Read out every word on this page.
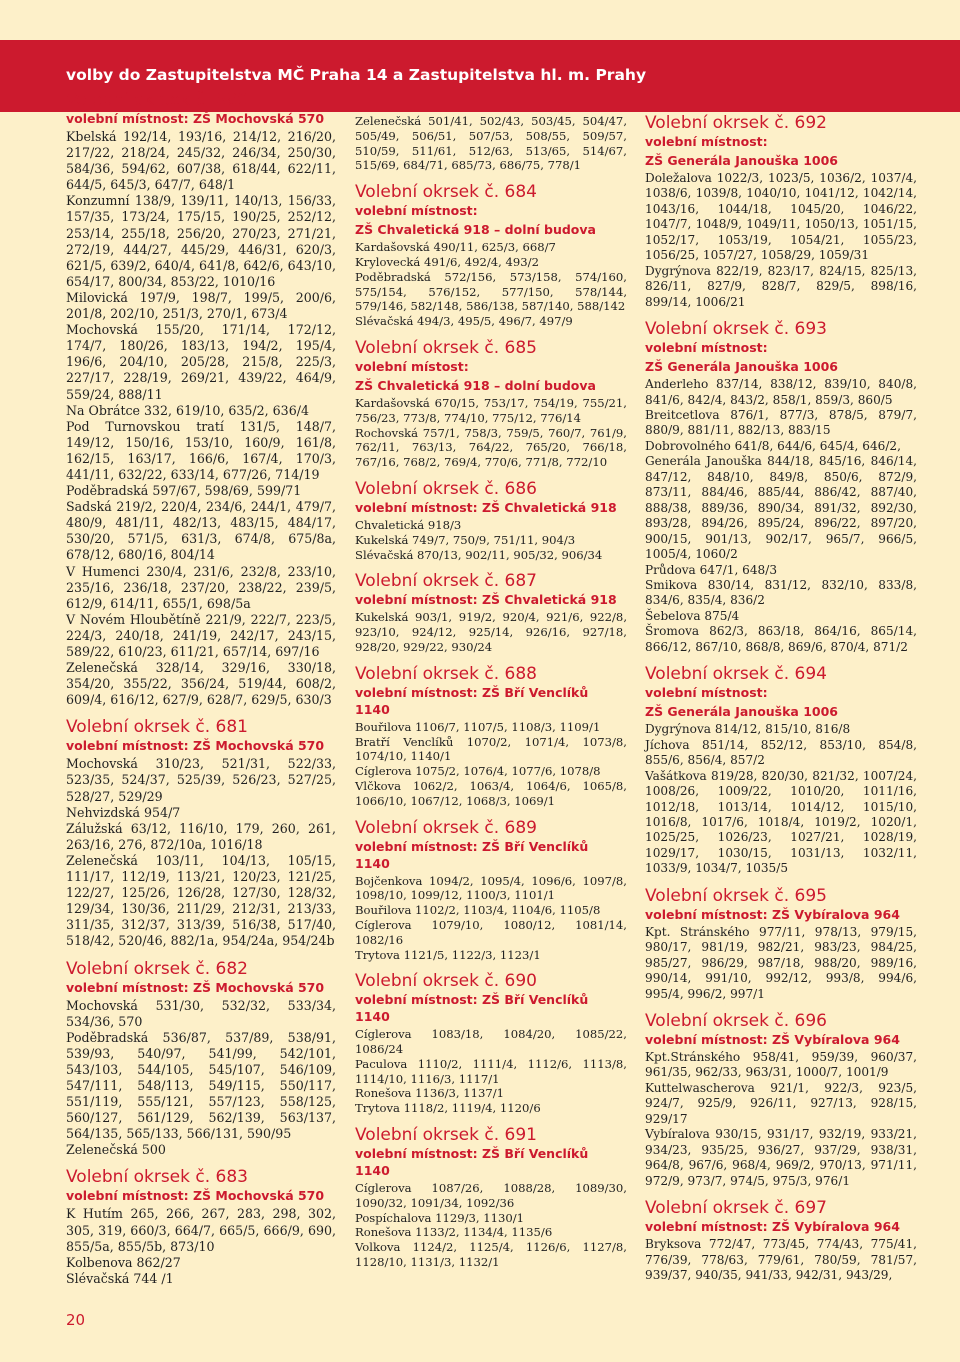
volby do Zastupitelstva MČ Praha 14 a Zastupitelstva hl. m. Prahy
Volební okrsek č. 680
volební místnost: ZŠ Mochovská 570

Kbelská 192/14, 193/16, 214/12, 216/20, 217/22, 218/24, 245/32, 246/34, 250/30, 584/36, 594/62, 607/38, 618/44, 622/11, 644/5, 645/3, 647/7, 648/1

Konzumní 138/9, 139/11, 140/13, 156/33, 157/35, 173/24, 175/15, 190/25, 252/12, 253/14, 255/18, 256/20, 270/23, 271/21, 272/19, 444/27, 445/29, 446/31, 620/3, 621/5, 639/2, 640/4, 641/8, 642/6, 643/10, 654/17, 800/34, 853/22, 1010/16

Milovická 197/9, 198/7, 199/5, 200/6, 201/8, 202/10, 251/3, 270/1, 673/4

Mochovská 155/20, 171/14, 172/12, 174/7, 180/26, 183/13, 194/2, 195/4, 196/6, 204/10, 205/28, 215/8, 225/3, 227/17, 228/19, 269/21, 439/22, 464/9, 559/24, 888/11

Na Obrátce 332, 619/10, 635/2, 636/4

Pod Turnovskou tratí 131/5, 148/7, 149/12, 150/16, 153/10, 160/9, 161/8, 162/15, 163/17, 166/6, 167/4, 170/3, 441/11, 632/22, 633/14, 677/26, 714/19

Poděbradská 597/67, 598/69, 599/71

Sadská 219/2, 220/4, 234/6, 244/1, 479/7, 480/9, 481/11, 482/13, 483/15, 484/17, 530/20, 571/5, 631/3, 674/8, 675/8a, 678/12, 680/16, 804/14

V Humenci 230/4, 231/6, 232/8, 233/10, 235/16, 236/18, 237/20, 238/22, 239/5, 612/9, 614/11, 655/1, 698/5a

V Novém Hloubětíně 221/9, 222/7, 223/5, 224/3, 240/18, 241/19, 242/17, 243/15, 589/22, 610/23, 611/21, 657/14, 697/16

Zelenečská 328/14, 329/16, 330/18, 354/20, 355/22, 356/24, 519/44, 608/2, 609/4, 616/12, 627/9, 628/7, 629/5, 630/3

Volební okrsek č. 681
volební místnost: ZŠ Mochovská 570

Mochovská 310/23, 521/31, 522/33, 523/35, 524/37, 525/39, 526/23, 527/25, 528/27, 529/29

Nehvizdská 954/7

Zálužská 63/12, 116/10, 179, 260, 261, 263/16, 276, 872/10a, 1016/18

Zelenečská 103/11, 104/13, 105/15, 111/17, 112/19, 113/21, 120/23, 121/25, 122/27, 125/26, 126/28, 127/30, 128/32, 129/34, 130/36, 211/29, 212/31, 213/33, 311/35, 312/37, 313/39, 516/38, 517/40, 518/42, 520/46, 882/1a, 954/24a, 954/24b

Volební okrsek č. 682
volební místnost: ZŠ Mochovská 570

Mochovská 531/30, 532/32, 533/34, 534/36, 570

Poděbradská 536/87, 537/89, 538/91, 539/93, 540/97, 541/99, 542/101, 543/103, 544/105, 545/107, 546/109, 547/111, 548/113, 549/115, 550/117, 551/119, 555/121, 557/123, 558/125, 560/127, 561/129, 562/139, 563/137, 564/135, 565/133, 566/131, 590/95

Zelenečská 500

Volební okrsek č. 683
volební místnost: ZŠ Mochovská 570

K Hutím 265, 266, 267, 283, 298, 302, 305, 319, 660/3, 664/7, 665/5, 666/9, 690, 855/5a, 855/5b, 873/10

Kolbenova 862/27

Slévačská 744 /1

Zelenečská 501/41, 502/43, 503/45, 504/47, 505/49, 506/51, 507/53, 508/55, 509/57, 510/59, 511/61, 512/63, 513/65, 514/67, 515/69, 684/71, 685/73, 686/75, 778/1

Volební okrsek č. 684
volební místnost:
ZŠ Chvaletická 918 – dolní budova

Kardašovská 490/11, 625/3, 668/7

Krylovecká 491/6, 492/4, 493/2

Poděbradská 572/156, 573/158, 574/160, 575/154, 576/152, 577/150, 578/144, 579/146, 582/148, 586/138, 587/140, 588/142

Slévačská 494/3, 495/5, 496/7, 497/9

Volební okrsek č. 685
volební místost:
ZŠ Chvaletická 918 – dolní budova

Kardašovská 670/15, 753/17, 754/19, 755/21, 756/23, 773/8, 774/10, 775/12, 776/14

Rochovská 757/1, 758/3, 759/5, 760/7, 761/9, 762/11, 763/13, 764/22, 765/20, 766/18, 767/16, 768/2, 769/4, 770/6, 771/8, 772/10

Volební okrsek č. 686
volební místnost: ZŠ Chvaletická 918

Chvaletická 918/3

Kukelská 749/7, 750/9, 751/11, 904/3

Slévačská 870/13, 902/11, 905/32, 906/34

Volební okrsek č. 687
volební místnost: ZŠ Chvaletická 918

Kukelská 903/1, 919/2, 920/4, 921/6, 922/8, 923/10, 924/12, 925/14, 926/16, 927/18, 928/20, 929/22, 930/24

Volební okrsek č. 688
volební místnost: ZŠ Bří Venclíků 1140

Bouřilova 1106/7, 1107/5, 1108/3, 1109/1

Bratří Venclíků 1070/2, 1071/4, 1073/8, 1074/10, 1140/1

Cíglerova 1075/2, 1076/4, 1077/6, 1078/8

Vlčkova 1062/2, 1063/4, 1064/6, 1065/8, 1066/10, 1067/12, 1068/3, 1069/1

Volební okrsek č. 689
volební místnost: ZŠ Bří Venclíků 1140

Bojčenkova 1094/2, 1095/4, 1096/6, 1097/8, 1098/10, 1099/12, 1100/3, 1101/1

Bouřilova 1102/2, 1103/4, 1104/6, 1105/8

Cíglerova 1079/10, 1080/12, 1081/14, 1082/16

Trytova 1121/5, 1122/3, 1123/1

Volební okrsek č. 690
volební místnost: ZŠ Bří Venclíků 1140

Cíglerova 1083/18, 1084/20, 1085/22, 1086/24

Paculova 1110/2, 1111/4, 1112/6, 1113/8, 1114/10, 1116/3, 1117/1

Ronešova 1136/3, 1137/1

Trytova 1118/2, 1119/4, 1120/6

Volební okrsek č. 691
volební místnost: ZŠ Bří Venclíků 1140

Cíglerova 1087/26, 1088/28, 1089/30, 1090/32, 1091/34, 1092/36

Pospíchalova 1129/3, 1130/1

Ronešova 1133/2, 1134/4, 1135/6

Volkova 1124/2, 1125/4, 1126/6, 1127/8, 1128/10, 1131/3, 1132/1

Volební okrsek č. 692
volební místnost:
ZŠ Generála Janouška 1006

Doležalova 1022/3, 1023/5, 1036/2, 1037/4, 1038/6, 1039/8, 1040/10, 1041/12, 1042/14, 1043/16, 1044/18, 1045/20, 1046/22, 1047/7, 1048/9, 1049/11, 1050/13, 1051/15, 1052/17, 1053/19, 1054/21, 1055/23, 1056/25, 1057/27, 1058/29, 1059/31

Dygrýnova 822/19, 823/17, 824/15, 825/13, 826/11, 827/9, 828/7, 829/5, 898/16, 899/14, 1006/21

Volební okrsek č. 693
volební místnost:
ZŠ Generála Janouška 1006

Anderleho 837/14, 838/12, 839/10, 840/8, 841/6, 842/4, 843/2, 858/1, 859/3, 860/5

Breitcetlova 876/1, 877/3, 878/5, 879/7, 880/9, 881/11, 882/13, 883/15

Dobrovolného 641/8, 644/6, 645/4, 646/2,

Generála Janouška 844/18, 845/16, 846/14, 847/12, 848/10, 849/8, 850/6, 872/9, 873/11, 884/46, 885/44, 886/42, 887/40, 888/38, 889/36, 890/34, 891/32, 892/30, 893/28, 894/26, 895/24, 896/22, 897/20, 900/15, 901/13, 902/17, 965/7, 966/5, 1005/4, 1060/2

Průdova 647/1, 648/3

Smikova 830/14, 831/12, 832/10, 833/8, 834/6, 835/4, 836/2

Šebelova 875/4

Šromova 862/3, 863/18, 864/16, 865/14, 866/12, 867/10, 868/8, 869/6, 870/4, 871/2

Volební okrsek č. 694
volební místnost:
ZŠ Generála Janouška 1006

Dygrýnova 814/12, 815/10, 816/8

Jíchova 851/14, 852/12, 853/10, 854/8, 855/6, 856/4, 857/2

Vašátkova 819/28, 820/30, 821/32, 1007/24, 1008/26, 1009/22, 1010/20, 1011/16, 1012/18, 1013/14, 1014/12, 1015/10, 1016/8, 1017/6, 1018/4, 1019/2, 1020/1, 1025/25, 1026/23, 1027/21, 1028/19, 1029/17, 1030/15, 1031/13, 1032/11, 1033/9, 1034/7, 1035/5

Volební okrsek č. 695
volební místnost: ZŠ Vybíralova 964

Kpt. Stránského 977/11, 978/13, 979/15, 980/17, 981/19, 982/21, 983/23, 984/25, 985/27, 986/29, 987/18, 988/20, 989/16, 990/14, 991/10, 992/12, 993/8, 994/6, 995/4, 996/2, 997/1

Volební okrsek č. 696
volební místnost: ZŠ Vybíralova 964

Kpt.Stránského 958/41, 959/39, 960/37, 961/35, 962/33, 963/31, 1000/7, 1001/9

Kuttelwascherova 921/1, 922/3, 923/5, 924/7, 925/9, 926/11, 927/13, 928/15, 929/17

Vybíralova 930/15, 931/17, 932/19, 933/21, 934/23, 935/25, 936/27, 937/29, 938/31, 964/8, 967/6, 968/4, 969/2, 970/13, 971/11, 972/9, 973/7, 974/5, 975/3, 976/1

Volební okrsek č. 697
volební místnost: ZŠ Vybíralova 964

Bryksova 772/47, 773/45, 774/43, 775/41, 776/39, 778/63, 779/61, 780/59, 781/57, 939/37, 940/35, 941/33, 942/31, 943/29,

20
